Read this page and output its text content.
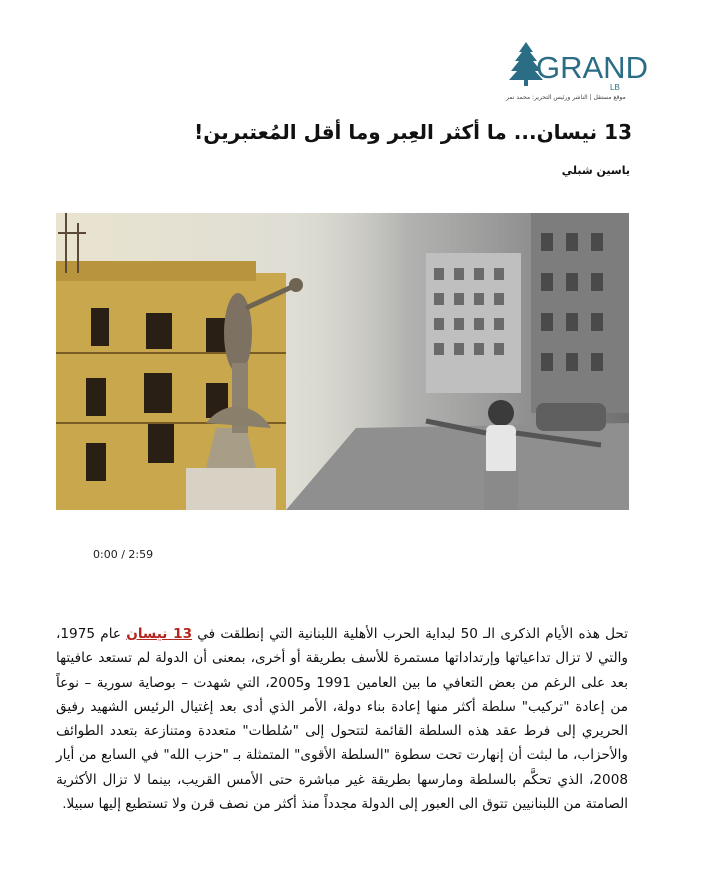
GRAND
LB
موقع مستقل | الناشر ورئيس التحرير: محمد نمر
13 نيسان... ما أكثر العِبر وما أقل المُعتبرين!
ياسين شبلي
0:00 / 2:59

تحل هذه الأيام الذكرى الـ 50 لبداية الحرب الأهلية اللبنانية التي إنطلقت في 13 نيسان عام 1975، والتي لا تزال تداعياتها وإرتداداتها مستمرة للأسف بطريقة أو أخرى، بمعنى أن الدولة لم تستعد عافيتها بعد على الرغم من بعض التعافي ما بين العامين 1991 و2005، التي شهدت – بوصاية سورية – نوعاً من إعادة "تركيب" سلطة أكثر منها إعادة بناء دولة، الأمر الذي أدى بعد إغتيال الرئيس الشهيد رفيق الحريري إلى فرط عقد هذه السلطة القائمة لتتحول إلى "سُلطات" متعددة ومتنازعة بتعدد الطوائف والأحزاب، ما لبثت أن إنهارت تحت سطوة "السلطة الأقوى" المتمثلة بـ "حزب الله" في السابع من أيار 2008، الذي تحكَّم بالسلطة ومارسها بطريقة غير مباشرة حتى الأمس القريب، بينما لا تزال الأكثرية الصامتة من اللبنانيين تتوق الى العبور إلى الدولة مجدداً منذ أكثر من نصف قرن ولا تستطيع إليها سبيلا.
